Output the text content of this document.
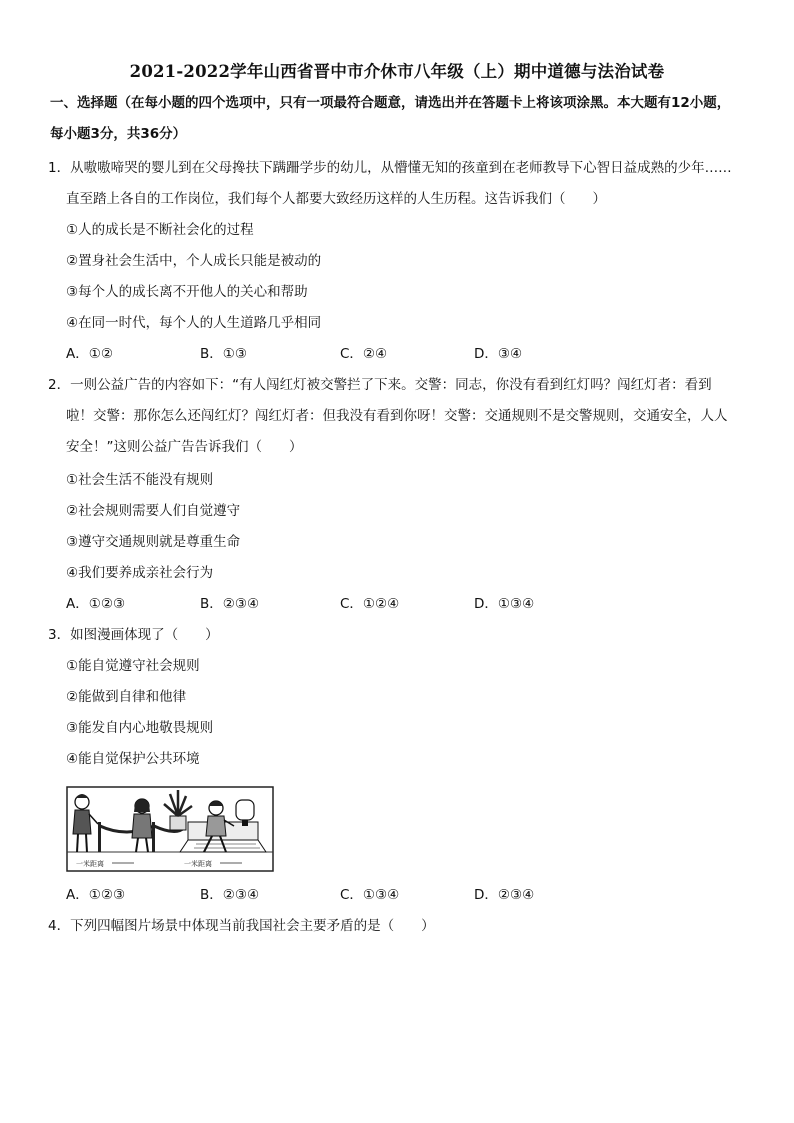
2021-2022学年山西省晋中市介休市八年级（上）期中道德与法治试卷
一、选择题（在每小题的四个选项中，只有一项最符合题意，请选出并在答题卡上将该项涂黑。本大题有12小题，
每小题3分，共36分）
1．从嗷嗷啼哭的婴儿到在父母搀扶下蹒跚学步的幼儿，从懵懂无知的孩童到在老师教导下心智日益成熟的少年……
直至踏上各自的工作岗位，我们每个人都要大致经历这样的人生历程。这告诉我们（　　）
①人的成长是不断社会化的过程
②置身社会生活中，个人成长只能是被动的
③每个人的成长离不开他人的关心和帮助
④在同一时代，每个人的人生道路几乎相同
A．①②	B．①③	C．②④	D．③④
2．一则公益广告的内容如下：“有人闯红灯被交警拦了下来。交警：同志，你没有看到红灯吗？闯红灯者：看到
啦！交警：那你怎么还闯红灯？闯红灯者：但我没有看到你呀！交警：交通规则不是交警规则，交通安全，人人
安全！”这则公益广告告诉我们（　　）
①社会生活不能没有规则
②社会规则需要人们自觉遵守
③遵守交通规则就是尊重生命
④我们要养成亲社会行为
A．①②③	B．②③④	C．①②④	D．①③④
3．如图漫画体现了（　　）
①能自觉遵守社会规则
②能做到自律和他律
③能发自内心地敬畏规则
④能自觉保护公共环境
一米距离	一米距离
A．①②③	B．②③④	C．①③④	D．②③④
4．下列四幅图片场景中体现当前我国社会主要矛盾的是（　　）
